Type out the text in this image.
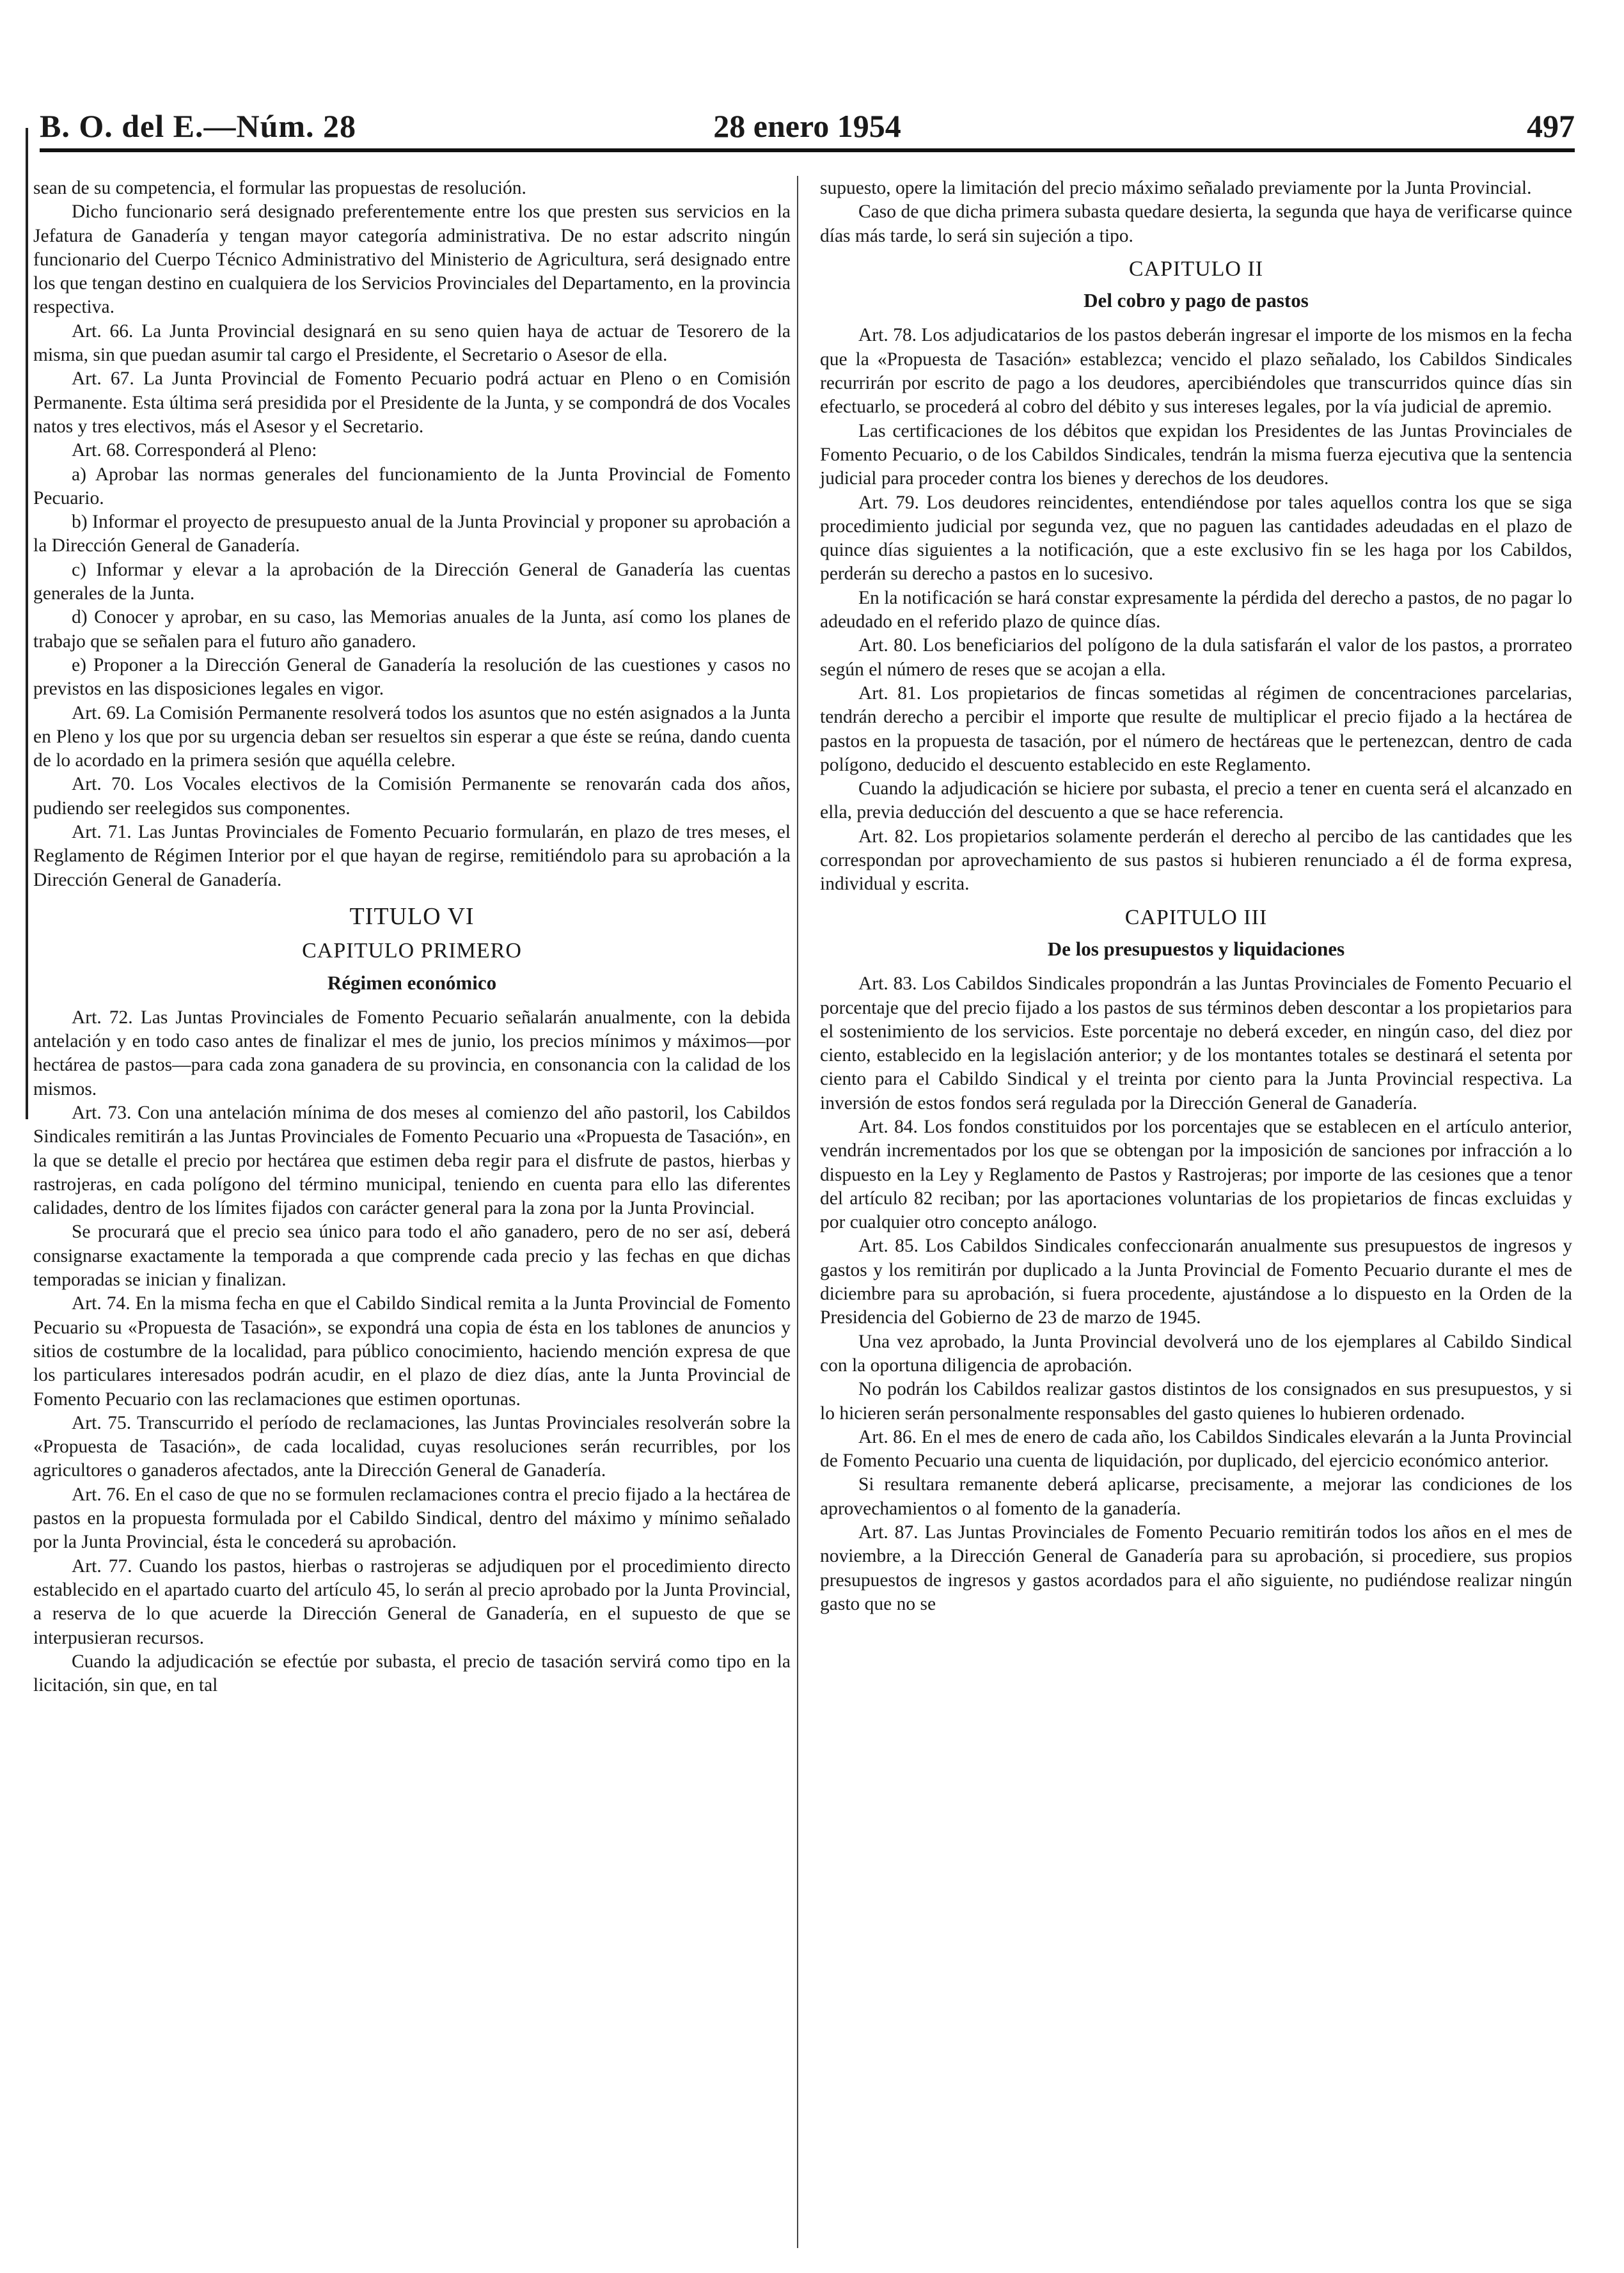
B. O. del E.—Núm. 28	28 enero 1954	497

sean de su competencia, el formular las propuestas de resolución.

Dicho funcionario será designado preferentemente entre los que presten sus servicios en la Jefatura de Ganadería y tengan mayor categoría administrativa. De no estar adscrito ningún funcionario del Cuerpo Técnico Administrativo del Ministerio de Agricultura, será designado entre los que tengan destino en cualquiera de los Servicios Provinciales del Departamento, en la provincia respectiva.

Art. 66. La Junta Provincial designará en su seno quien haya de actuar de Tesorero de la misma, sin que puedan asumir tal cargo el Presidente, el Secretario o Asesor de ella.

Art. 67. La Junta Provincial de Fomento Pecuario podrá actuar en Pleno o en Comisión Permanente. Esta última será presidida por el Presidente de la Junta, y se compondrá de dos Vocales natos y tres electivos, más el Asesor y el Secretario.

Art. 68. Corresponderá al Pleno:

a) Aprobar las normas generales del funcionamiento de la Junta Provincial de Fomento Pecuario.

b) Informar el proyecto de presupuesto anual de la Junta Provincial y proponer su aprobación a la Dirección General de Ganadería.

c) Informar y elevar a la aprobación de la Dirección General de Ganadería las cuentas generales de la Junta.

d) Conocer y aprobar, en su caso, las Memorias anuales de la Junta, así como los planes de trabajo que se señalen para el futuro año ganadero.

e) Proponer a la Dirección General de Ganadería la resolución de las cuestiones y casos no previstos en las disposiciones legales en vigor.

Art. 69. La Comisión Permanente resolverá todos los asuntos que no estén asignados a la Junta en Pleno y los que por su urgencia deban ser resueltos sin esperar a que éste se reúna, dando cuenta de lo acordado en la primera sesión que aquélla celebre.

Art. 70. Los Vocales electivos de la Comisión Permanente se renovarán cada dos años, pudiendo ser reelegidos sus componentes.

Art. 71. Las Juntas Provinciales de Fomento Pecuario formularán, en plazo de tres meses, el Reglamento de Régimen Interior por el que hayan de regirse, remitiéndolo para su aprobación a la Dirección General de Ganadería.

TITULO VI

CAPITULO PRIMERO

Régimen económico

Art. 72. Las Juntas Provinciales de Fomento Pecuario señalarán anualmente, con la debida antelación y en todo caso antes de finalizar el mes de junio, los precios mínimos y máximos—por hectárea de pastos—para cada zona ganadera de su provincia, en consonancia con la calidad de los mismos.

Art. 73. Con una antelación mínima de dos meses al comienzo del año pastoril, los Cabildos Sindicales remitirán a las Juntas Provinciales de Fomento Pecuario una «Propuesta de Tasación», en la que se detalle el precio por hectárea que estimen deba regir para el disfrute de pastos, hierbas y rastrojeras, en cada polígono del término municipal, teniendo en cuenta para ello las diferentes calidades, dentro de los límites fijados con carácter general para la zona por la Junta Provincial.

Se procurará que el precio sea único para todo el año ganadero, pero de no ser así, deberá consignarse exactamente la temporada a que comprende cada precio y las fechas en que dichas temporadas se inician y finalizan.

Art. 74. En la misma fecha en que el Cabildo Sindical remita a la Junta Provincial de Fomento Pecuario su «Propuesta de Tasación», se expondrá una copia de ésta en los tablones de anuncios y sitios de costumbre de la localidad, para público conocimiento, haciendo mención expresa de que los particulares interesados podrán acudir, en el plazo de diez días, ante la Junta Provincial de Fomento Pecuario con las reclamaciones que estimen oportunas.

Art. 75. Transcurrido el período de reclamaciones, las Juntas Provinciales resolverán sobre la «Propuesta de Tasación», de cada localidad, cuyas resoluciones serán recurribles, por los agricultores o ganaderos afectados, ante la Dirección General de Ganadería.

Art. 76. En el caso de que no se formulen reclamaciones contra el precio fijado a la hectárea de pastos en la propuesta formulada por el Cabildo Sindical, dentro del máximo y mínimo señalado por la Junta Provincial, ésta le concederá su aprobación.

Art. 77. Cuando los pastos, hierbas o rastrojeras se adjudiquen por el procedimiento directo establecido en el apartado cuarto del artículo 45, lo serán al precio aprobado por la Junta Provincial, a reserva de lo que acuerde la Dirección General de Ganadería, en el supuesto de que se interpusieran recursos.

Cuando la adjudicación se efectúe por subasta, el precio de tasación servirá como tipo en la licitación, sin que, en tal

supuesto, opere la limitación del precio máximo señalado previamente por la Junta Provincial.

Caso de que dicha primera subasta quedare desierta, la segunda que haya de verificarse quince días más tarde, lo será sin sujeción a tipo.

CAPITULO II

Del cobro y pago de pastos

Art. 78. Los adjudicatarios de los pastos deberán ingresar el importe de los mismos en la fecha que la «Propuesta de Tasación» establezca; vencido el plazo señalado, los Cabildos Sindicales recurrirán por escrito de pago a los deudores, apercibiéndoles que transcurridos quince días sin efectuarlo, se procederá al cobro del débito y sus intereses legales, por la vía judicial de apremio.

Las certificaciones de los débitos que expidan los Presidentes de las Juntas Provinciales de Fomento Pecuario, o de los Cabildos Sindicales, tendrán la misma fuerza ejecutiva que la sentencia judicial para proceder contra los bienes y derechos de los deudores.

Art. 79. Los deudores reincidentes, entendiéndose por tales aquellos contra los que se siga procedimiento judicial por segunda vez, que no paguen las cantidades adeudadas en el plazo de quince días siguientes a la notificación, que a este exclusivo fin se les haga por los Cabildos, perderán su derecho a pastos en lo sucesivo.

En la notificación se hará constar expresamente la pérdida del derecho a pastos, de no pagar lo adeudado en el referido plazo de quince días.

Art. 80. Los beneficiarios del polígono de la dula satisfarán el valor de los pastos, a prorrateo según el número de reses que se acojan a ella.

Art. 81. Los propietarios de fincas sometidas al régimen de concentraciones parcelarias, tendrán derecho a percibir el importe que resulte de multiplicar el precio fijado a la hectárea de pastos en la propuesta de tasación, por el número de hectáreas que le pertenezcan, dentro de cada polígono, deducido el descuento establecido en este Reglamento.

Cuando la adjudicación se hiciere por subasta, el precio a tener en cuenta será el alcanzado en ella, previa deducción del descuento a que se hace referencia.

Art. 82. Los propietarios solamente perderán el derecho al percibo de las cantidades que les correspondan por aprovechamiento de sus pastos si hubieren renunciado a él de forma expresa, individual y escrita.

CAPITULO III

De los presupuestos y liquidaciones

Art. 83. Los Cabildos Sindicales propondrán a las Juntas Provinciales de Fomento Pecuario el porcentaje que del precio fijado a los pastos de sus términos deben descontar a los propietarios para el sostenimiento de los servicios. Este porcentaje no deberá exceder, en ningún caso, del diez por ciento, establecido en la legislación anterior; y de los montantes totales se destinará el setenta por ciento para el Cabildo Sindical y el treinta por ciento para la Junta Provincial respectiva. La inversión de estos fondos será regulada por la Dirección General de Ganadería.

Art. 84. Los fondos constituidos por los porcentajes que se establecen en el artículo anterior, vendrán incrementados por los que se obtengan por la imposición de sanciones por infracción a lo dispuesto en la Ley y Reglamento de Pastos y Rastrojeras; por importe de las cesiones que a tenor del artículo 82 reciban; por las aportaciones voluntarias de los propietarios de fincas excluidas y por cualquier otro concepto análogo.

Art. 85. Los Cabildos Sindicales confeccionarán anualmente sus presupuestos de ingresos y gastos y los remitirán por duplicado a la Junta Provincial de Fomento Pecuario durante el mes de diciembre para su aprobación, si fuera procedente, ajustándose a lo dispuesto en la Orden de la Presidencia del Gobierno de 23 de marzo de 1945.

Una vez aprobado, la Junta Provincial devolverá uno de los ejemplares al Cabildo Sindical con la oportuna diligencia de aprobación.

No podrán los Cabildos realizar gastos distintos de los consignados en sus presupuestos, y si lo hicieren serán personalmente responsables del gasto quienes lo hubieren ordenado.

Art. 86. En el mes de enero de cada año, los Cabildos Sindicales elevarán a la Junta Provincial de Fomento Pecuario una cuenta de liquidación, por duplicado, del ejercicio económico anterior.

Si resultara remanente deberá aplicarse, precisamente, a mejorar las condiciones de los aprovechamientos o al fomento de la ganadería.

Art. 87. Las Juntas Provinciales de Fomento Pecuario remitirán todos los años en el mes de noviembre, a la Dirección General de Ganadería para su aprobación, si procediere, sus propios presupuestos de ingresos y gastos acordados para el año siguiente, no pudiéndose realizar ningún gasto que no se
